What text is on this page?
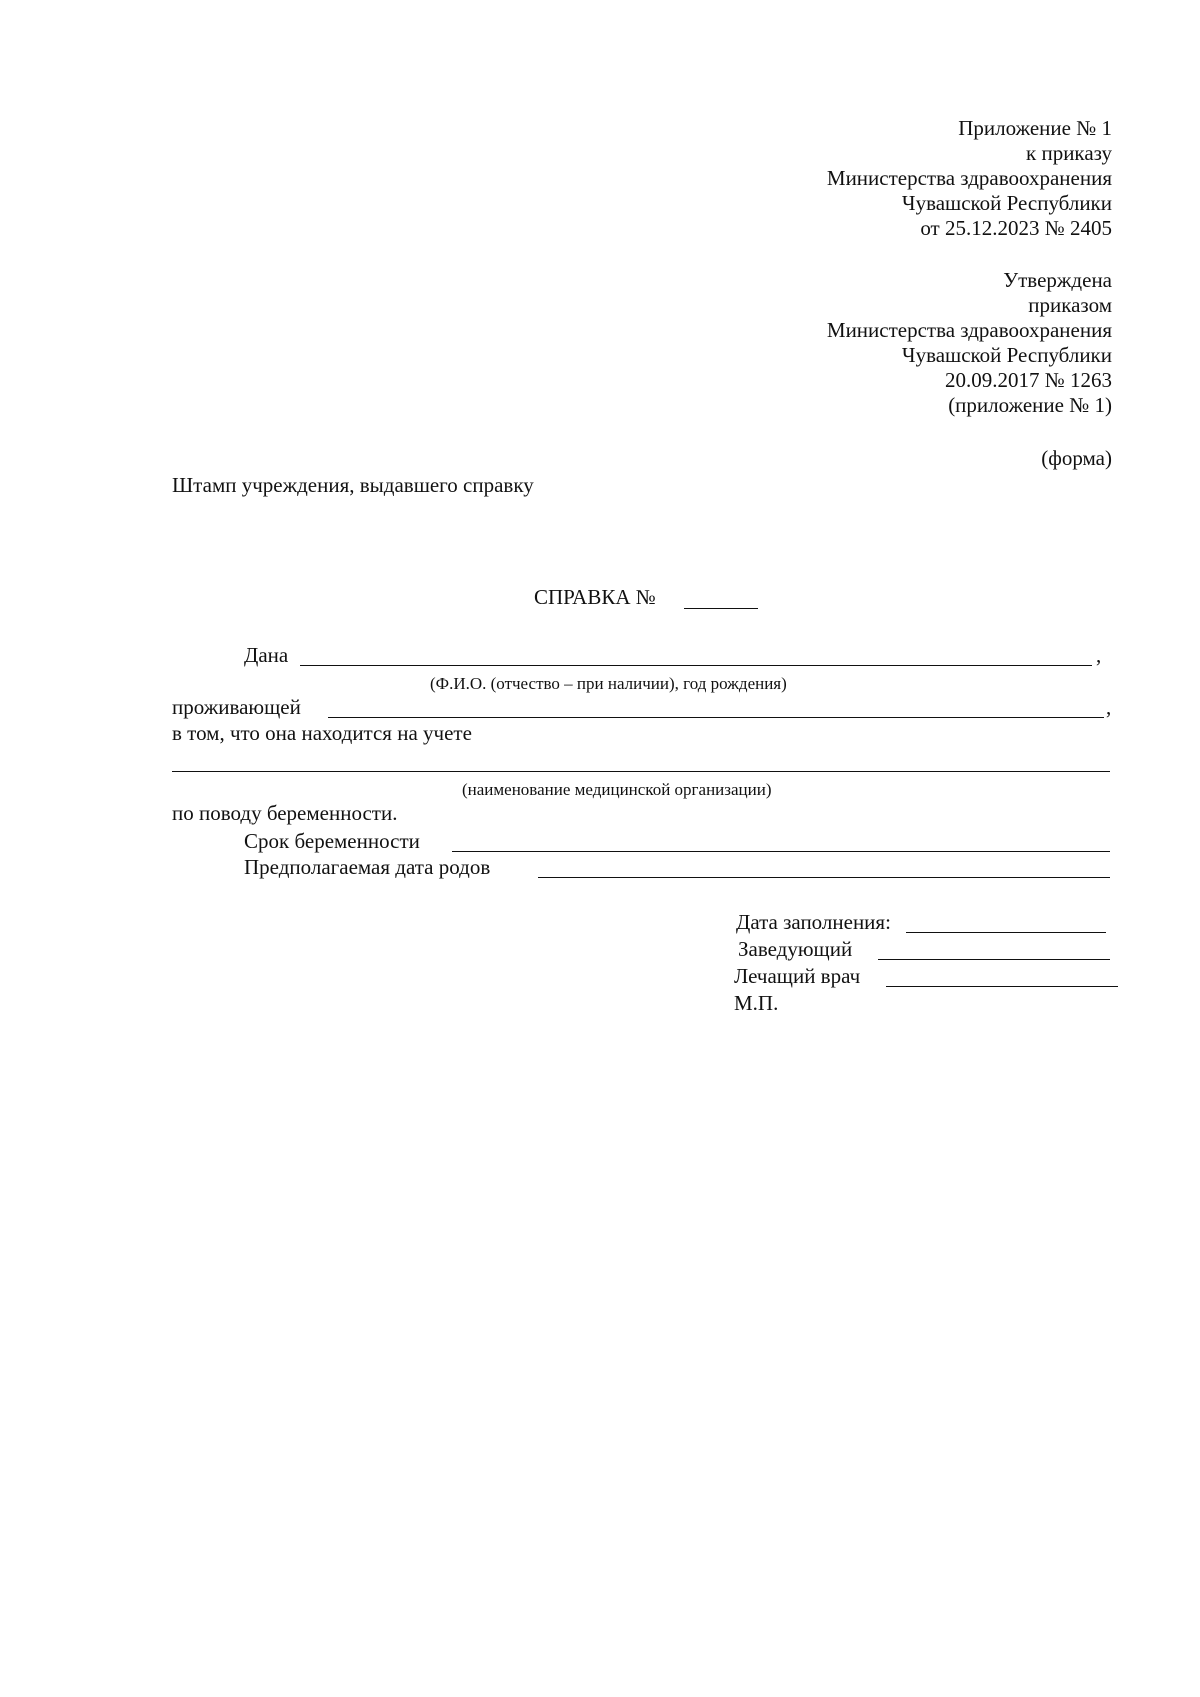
Приложение № 1
к приказу
Министерства здравоохранения
Чувашской Республики
от 25.12.2023 № 2405
Утверждена
приказом
Министерства здравоохранения
Чувашской Республики
20.09.2017 № 1263
(приложение № 1)
(форма)
Штамп учреждения, выдавшего справку
СПРАВКА №
Дана	,
(Ф.И.О. (отчество – при наличии), год рождения)
проживающей	,
в том, что она находится на учете
(наименование медицинской организации)
по поводу беременности.
Срок беременности
Предполагаемая дата родов
Дата заполнения:
Заведующий
Лечащий врач
М.П.
